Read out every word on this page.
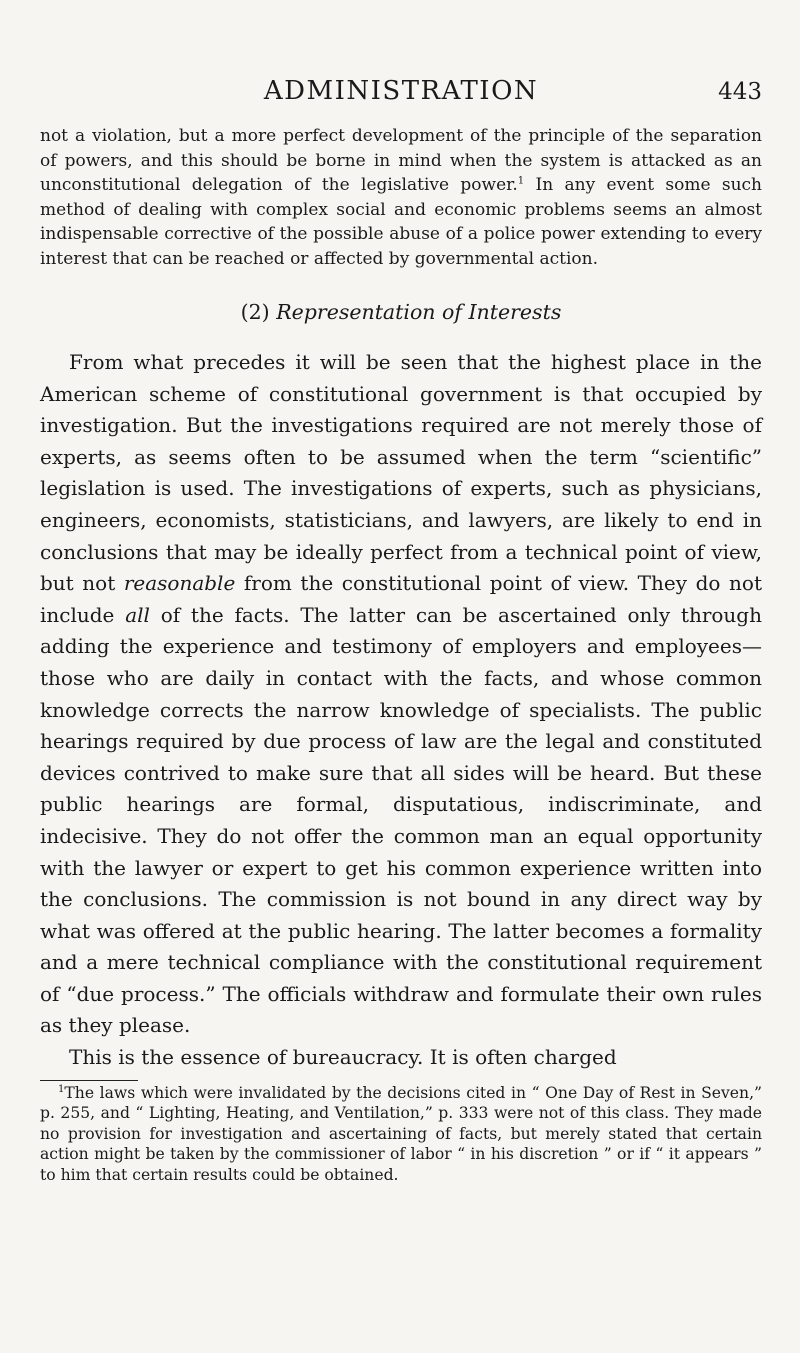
ADMINISTRATION	443

not a violation, but a more perfect development of the principle of the separation of powers, and this should be borne in mind when the system is attacked as an unconstitutional delegation of the legislative power.$^1$ In any event some such method of dealing with complex social and economic problems seems an almost indispensable corrective of the possible abuse of a police power extending to every interest that can be reached or affected by governmental action.

(2) Representation of Interests

From what precedes it will be seen that the highest place in the American scheme of constitutional government is that occupied by investigation. But the investigations required are not merely those of experts, as seems often to be assumed when the term “scientific” legislation is used. The investigations of experts, such as physicians, engineers, economists, statisticians, and lawyers, are likely to end in conclusions that may be ideally perfect from a technical point of view, but not reasonable from the constitutional point of view. They do not include all of the facts. The latter can be ascertained only through adding the experience and testimony of employers and employees—those who are daily in contact with the facts, and whose common knowledge corrects the narrow knowledge of specialists. The public hearings required by due process of law are the legal and constituted devices contrived to make sure that all sides will be heard. But these public hearings are formal, disputatious, indiscriminate, and indecisive. They do not offer the common man an equal opportunity with the lawyer or expert to get his common experience written into the conclusions. The commission is not bound in any direct way by what was offered at the public hearing. The latter becomes a formality and a mere technical compliance with the constitutional requirement of “due process.” The officials withdraw and formulate their own rules as they please.

This is the essence of bureaucracy. It is often charged

$^1$The laws which were invalidated by the decisions cited in “ One Day of Rest in Seven,” p. 255, and “ Lighting, Heating, and Ventilation,” p. 333 were not of this class. They made no provision for investigation and ascertaining of facts, but merely stated that certain action might be taken by the commissioner of labor “ in his discretion ” or if “ it appears ” to him that certain results could be obtained.
